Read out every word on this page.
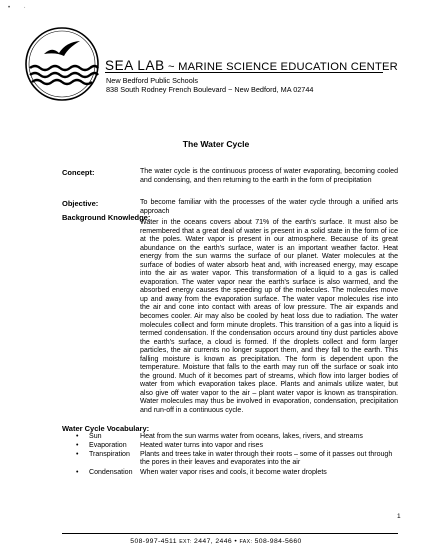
• ·
SEA LAB ~ MARINE SCIENCE EDUCATION CENTER
New Bedford Public Schools
838 South Rodney French Boulevard ~ New Bedford, MA 02744
The Water Cycle
Concept:	The water cycle is the continuous process of water evaporating, becoming cooled and condensing, and then returning to the earth in the form of precipitation
Objective:	To become familiar with the processes of the water cycle through a unified arts approach
Background Knowledge:
Water in the oceans covers about 71% of the earth's surface. It must also be remembered that a great deal of water is present in a solid state in the form of ice at the poles. Water vapor is present in our atmosphere. Because of its great abundance on the earth's surface, water is an important weather factor. Heat energy from the sun warms the surface of our planet. Water molecules at the surface of bodies of water absorb heat and, with increased energy, may escape into the air as water vapor. This transformation of a liquid to a gas is called evaporation. The water vapor near the earth's surface is also warmed, and the absorbed energy causes the speeding up of the molecules. The molecules move up and away from the evaporation surface. The water vapor molecules rise into the air and cone into contact with areas of low pressure. The air expands and becomes cooler. Air may also be cooled by heat loss due to radiation. The water molecules collect and form minute droplets. This transition of a gas into a liquid is termed condensation. If the condensation occurs around tiny dust particles above the earth's surface, a cloud is formed. If the droplets collect and form larger particles, the air currents no longer support them, and they fall to the earth. This falling moisture is known as precipitation. The form is dependent upon the temperature. Moisture that falls to the earth may run off the surface or soak into the ground. Much of it becomes part of streams, which flow into larger bodies of water from which evaporation takes place. Plants and animals utilize water, but also give off water vapor to the air – plant water vapor is known as transpiration. Water molecules may thus be involved in evaporation, condensation, precipitation and run-off in a continuous cycle.
Water Cycle Vocabulary:
• Sun	Heat from the sun warms water from oceans, lakes, rivers, and streams
• Evaporation Heated water turns into vapor and rises
• Transpiration Plants and trees take in water through their roots – some of it passes out through the pores in their leaves and evaporates into the air
• Condensation When water vapor rises and cools, it become water droplets
1
508-997-4511 EXT: 2447, 2446 • FAX: 508-984-5660
